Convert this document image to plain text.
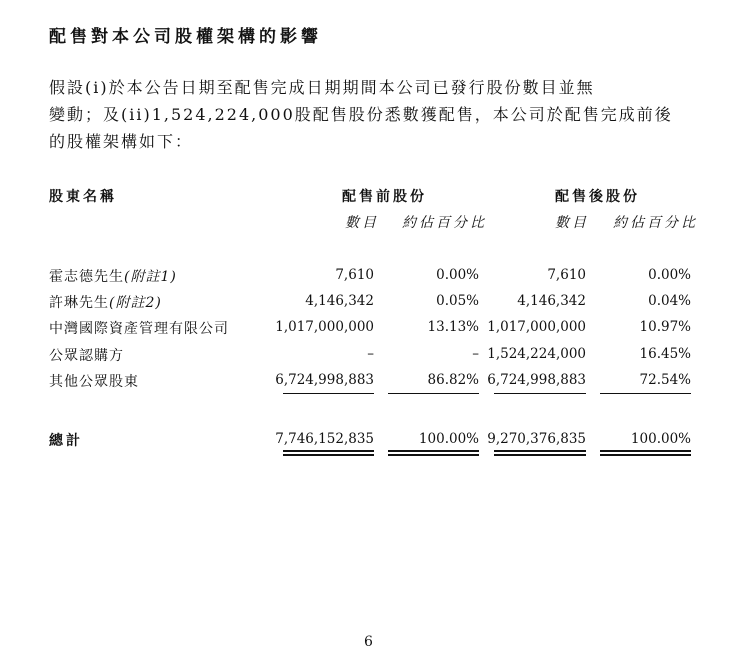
配售對本公司股權架構的影響
假設(i)於本公告日期至配售完成日期期間本公司已發行股份數目並無
變動；及(ii)1,524,224,000股配售股份悉數獲配售，本公司於配售完成前後
的股權架構如下：
股東名稱	配售前股份	配售後股份
數目 約佔百分比	數目 約佔百分比
霍志德先生(附註1)	7,610	0.00%	7,610	0.00%
許琳先生(附註2)	4,146,342	0.05%	4,146,342	0.04%
中灣國際資產管理有限公司	1,017,000,000	13.13% 1,017,000,000	10.97%
公眾認購方	–	– 1,524,224,000	16.45%
其他公眾股東	6,724,998,883	86.82% 6,724,998,883	72.54%
總計	7,746,152,835	100.00% 9,270,376,835	100.00%
6
